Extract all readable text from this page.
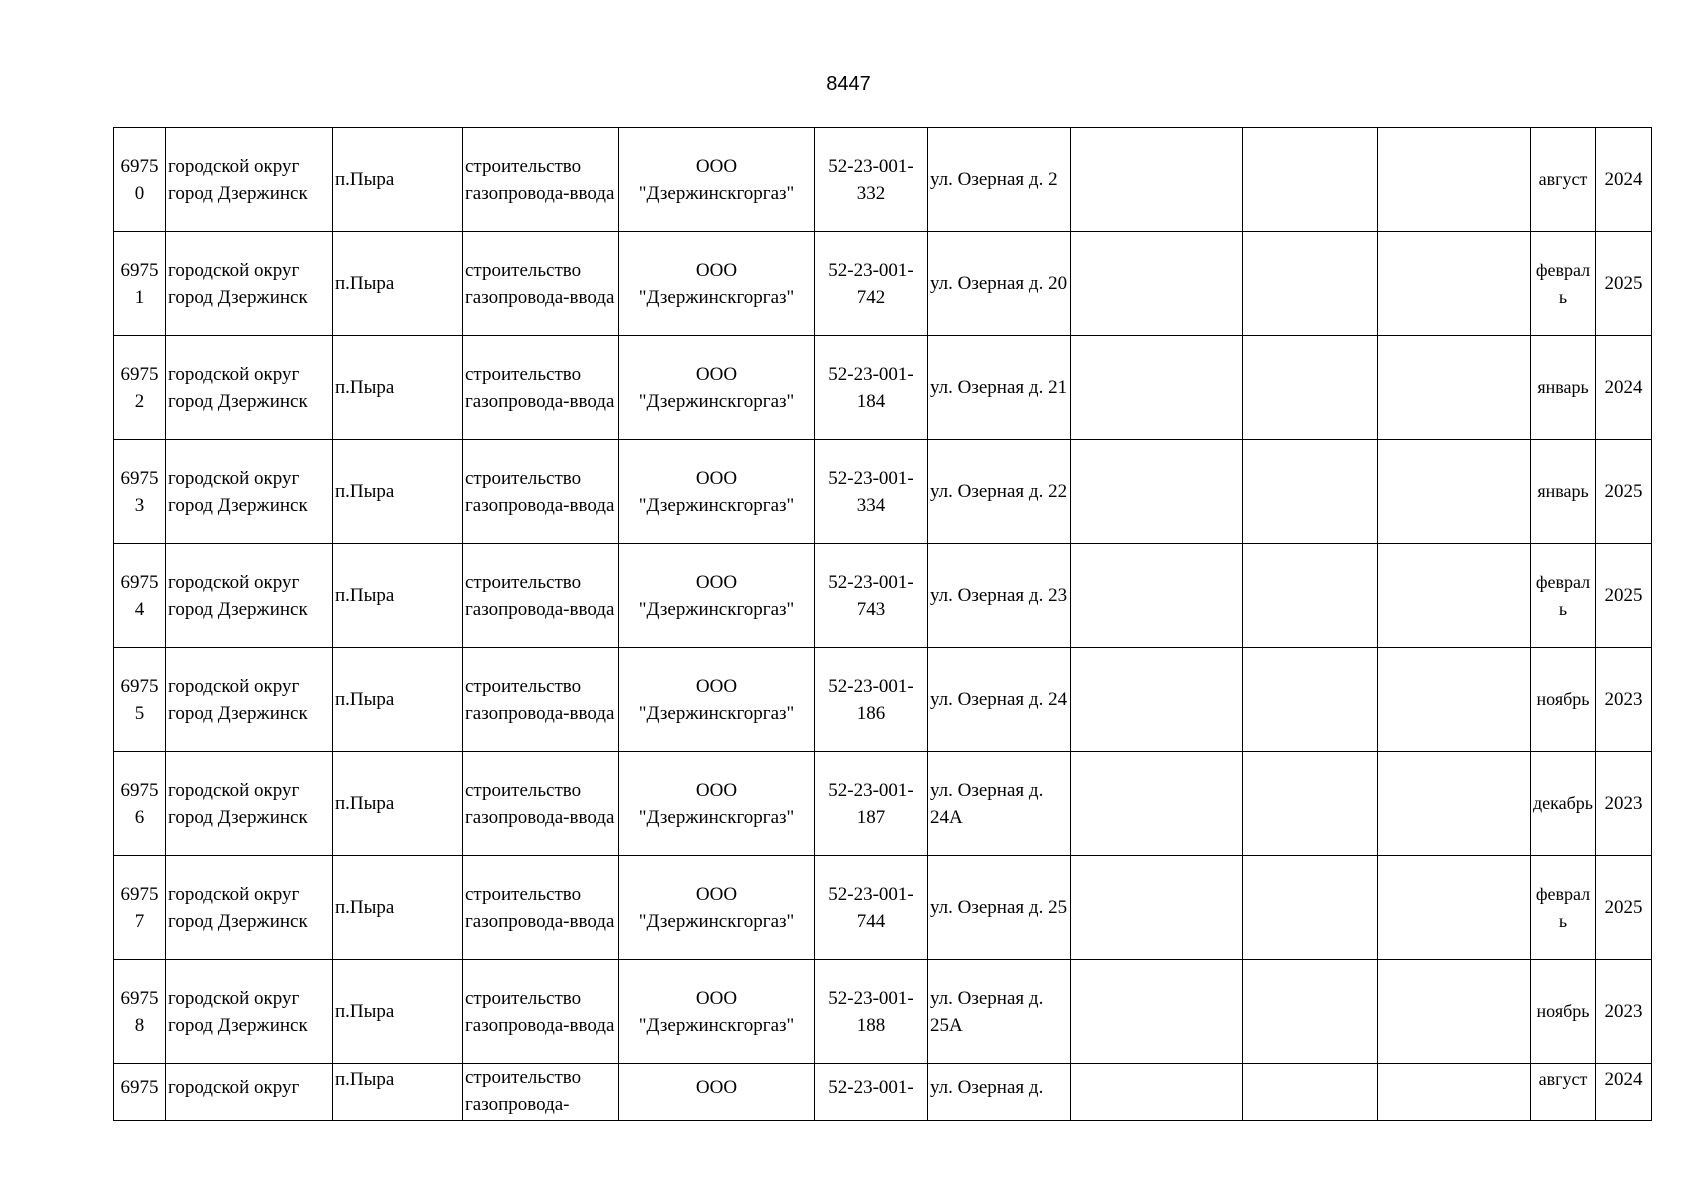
8447
69750	городской округ город Дзержинск	п.Пыра	строительство газопровода-ввода	ООО "Дзержинскгоргаз"	52-23-001-332	ул. Озерная д. 2				август	2024
69751	городской округ город Дзержинск	п.Пыра	строительство газопровода-ввода	ООО "Дзержинскгоргаз"	52-23-001-742	ул. Озерная д. 20				февраль	2025
69752	городской округ город Дзержинск	п.Пыра	строительство газопровода-ввода	ООО "Дзержинскгоргаз"	52-23-001-184	ул. Озерная д. 21				январь	2024
69753	городской округ город Дзержинск	п.Пыра	строительство газопровода-ввода	ООО "Дзержинскгоргаз"	52-23-001-334	ул. Озерная д. 22				январь	2025
69754	городской округ город Дзержинск	п.Пыра	строительство газопровода-ввода	ООО "Дзержинскгоргаз"	52-23-001-743	ул. Озерная д. 23				февраль	2025
69755	городской округ город Дзержинск	п.Пыра	строительство газопровода-ввода	ООО "Дзержинскгоргаз"	52-23-001-186	ул. Озерная д. 24				ноябрь	2023
69756	городской округ город Дзержинск	п.Пыра	строительство газопровода-ввода	ООО "Дзержинскгоргаз"	52-23-001-187	ул. Озерная д. 24А				декабрь	2023
69757	городской округ город Дзержинск	п.Пыра	строительство газопровода-ввода	ООО "Дзержинскгоргаз"	52-23-001-744	ул. Озерная д. 25				февраль	2025
69758	городской округ город Дзержинск	п.Пыра	строительство газопровода-ввода	ООО "Дзержинскгоргаз"	52-23-001-188	ул. Озерная д. 25А				ноябрь	2023
6975	городской округ	п.Пыра	строительство газопровода-	ООО	52-23-001-	ул. Озерная д.				август	2024
